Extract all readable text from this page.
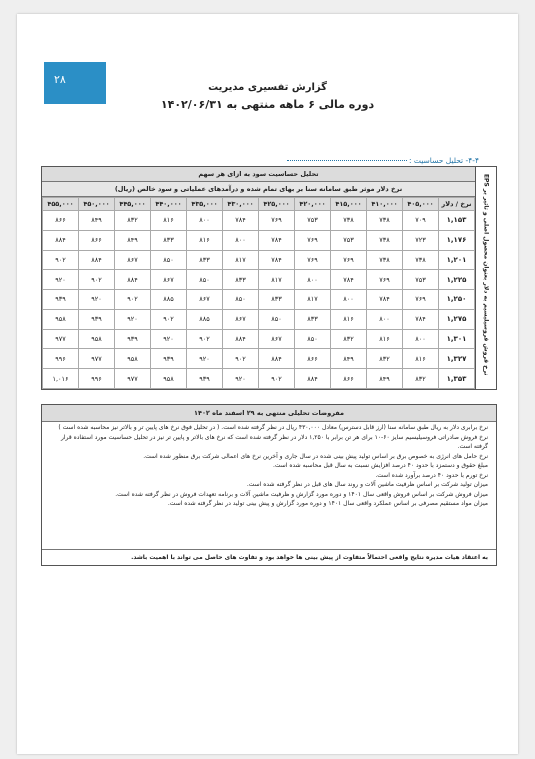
۲۸
گزارش تفسیری مدیریت
دوره مالی ۶ ماهه منتهی به ۱۴۰۲/۰۶/۳۱
۴-۴- تحلیل حساسیت :
تحلیل حساسیت سود به ازای هر سهم
نرخ دلار موثر طبق سامانه سنا بر بهای تمام شده و درآمدهای عملیاتی و سود خالص (ریال)
نرخ فروش فروسیلیسیم به دلار بعنوان محصول اصلی و تاثیر بر EPS
۴۵۵,۰۰۰	۴۵۰,۰۰۰	۴۴۵,۰۰۰	۴۴۰,۰۰۰	۴۳۵,۰۰۰	۴۳۰,۰۰۰	۴۲۵,۰۰۰	۴۲۰,۰۰۰	۴۱۵,۰۰۰	۴۱۰,۰۰۰	۴۰۵,۰۰۰	نرخ / دلار
۸۶۶	۸۴۹	۸۳۲	۸۱۶	۸۰۰	۷۸۴	۷۶۹	۷۵۳	۷۳۸	۷۳۸	۷۰۹	۱,۱۵۳
۸۸۴	۸۶۶	۸۴۹	۸۳۳	۸۱۶	۸۰۰	۷۸۴	۷۶۹	۷۵۳	۷۳۸	۷۲۳	۱,۱۷۶
۹۰۲	۸۸۴	۸۶۷	۸۵۰	۸۳۳	۸۱۷	۷۸۴	۷۶۹	۷۶۹	۷۳۸	۷۳۸	۱,۲۰۱
۹۲۰	۹۰۲	۸۸۴	۸۶۷	۸۵۰	۸۳۳	۸۱۷	۸۰۰	۷۸۴	۷۶۹	۷۵۳	۱,۲۲۵
۹۳۹	۹۲۰	۹۰۲	۸۸۵	۸۶۷	۸۵۰	۸۳۳	۸۱۷	۸۰۰	۷۸۴	۷۶۹	۱,۲۵۰
۹۵۸	۹۳۹	۹۲۰	۹۰۲	۸۸۵	۸۶۷	۸۵۰	۸۳۳	۸۱۶	۸۰۰	۷۸۴	۱,۲۷۵
۹۷۷	۹۵۸	۹۳۹	۹۲۰	۹۰۲	۸۸۴	۸۶۷	۸۵۰	۸۳۲	۸۱۶	۸۰۰	۱,۳۰۱
۹۹۶	۹۷۷	۹۵۸	۹۳۹	۹۲۰	۹۰۲	۸۸۴	۸۶۶	۸۴۹	۸۳۲	۸۱۶	۱,۳۲۷
۱,۰۱۶	۹۹۶	۹۷۷	۹۵۸	۹۳۹	۹۲۰	۹۰۲	۸۸۴	۸۶۶	۸۴۹	۸۳۲	۱,۳۵۳
مفروضات تحلیلی منتهی به ۲۹ اسفند ماه ۱۴۰۲
نرخ برابری دلار به ریال طبق سامانه سنا (ارز قابل دسترس) معادل ۴۳۰,۰۰۰ ریال در نظر گرفته شده است. ( در تحلیل فوق نرخ های پایین تر و بالاتر نیز محاسبه شده است )
نرخ فروش صادراتی فروسیلیسیم سایز ۶۰-۱۰ برای هر تن برابر با ۱,۲۵۰ دلار در نظر گرفته شده است که نرخ های بالاتر و پایین تر نیز در تحلیل حساسیت مورد استفاده قرار گرفته است.
نرخ حامل های انرژی به خصوص برق بر اساس تولید پیش بینی شده در سال جاری و آخرین نرخ های اعمالی شرکت برق منظور شده است.
مبلغ حقوق و دستمزد با حدود ۴۰ درصد افزایش نسبت به سال قبل محاسبه شده است.
نرخ تورم با حدود ۴۰ درصد برآورد شده است.
میزان تولید شرکت بر اساس ظرفیت ماشین آلات و روند سال های قبل در نظر گرفته شده است.
میزان فروش شرکت بر اساس فروش واقعی سال ۱۴۰۱ و دوره مورد گزارش و ظرفیت ماشین آلات و برنامه تعهدات فروش در نظر گرفته شده است.
میزان مواد مستقیم مصرفی بر اساس عملکرد واقعی سال ۱۴۰۱ و دوره مورد گزارش و پیش بینی تولید در نظر گرفته شده است.
به اعتقاد هیات مدیره نتایج واقعی احتمالاً متفاوت از پیش بینی ها خواهد بود و تفاوت های حاصل می تواند با اهمیت باشد.
